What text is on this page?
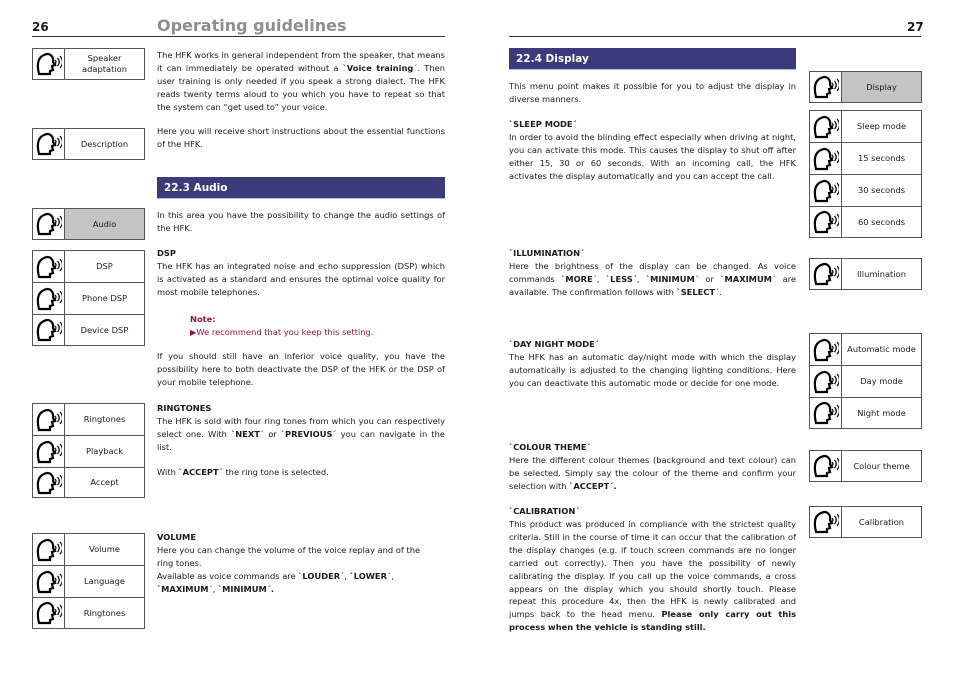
26	Operating guidelines	27
Speaker adaptation
Description
Audio
DSP
Phone DSP
Device DSP
Ringtones
Playback
Accept
Volume
Language
Ringtones
The HFK works in general independent from the speaker, that means it can immediately be operated without a `Voice training´. Then user training is only needed if you speak a strong dialect. The HFK reads twenty terms aloud to you which you have to repeat so that the system can “get used to” your voice.
Here you will receive short instructions about the essential functions of the HFK.
22.3 Audio
In this area you have the possibility to change the audio settings of the HFK.
DSP
The HFK has an integrated noise and echo suppression (DSP) which is activated as a standard and ensures the optimal voice quality for most mobile telephones.
Note:
▶We recommend that you keep this setting.
If you should still have an inferior voice quality, you have the possibility here to both deactivate the DSP of the HFK or the DSP of your mobile telephone.
RINGTONES
The HFK is sold with four ring tones from which you can respectively select one. With `NEXT´ or `PREVIOUS´ you can navigate in the list.
With `ACCEPT´ the ring tone is selected.
VOLUME
Here you can change the volume of the voice replay and of the ring tones.
Available as voice commands are `LOUDER´, `LOWER´,
`MAXIMUM´, `MINIMUM´.
22.4 Display
This menu point makes it possible for you to adjust the display in diverse manners.
`SLEEP MODE´
In order to avoid the blinding effect especially when driving at night, you can activate this mode. This causes the display to shut off after either 15, 30 or 60 seconds. With an incoming call, the HFK activates the display automatically and you can accept the call.
`ILLUMINATION´
Here the brightness of the display can be changed. As voice commands `MORE´, `LESS´, `MINIMUM´ or `MAXIMUM´ are available. The confirmation follows with `SELECT´.
`DAY NIGHT MODE´
The HFK has an automatic day/night mode with which the display automatically is adjusted to the changing lighting conditions. Here you can deactivate this automatic mode or decide for one mode.
`COLOUR THEME´
Here the different colour themes (background and text colour) can be selected. Simply say the colour of the theme and confirm your selection with `ACCEPT´.
`CALIBRATION´
This product was produced in compliance with the strictest quality criteria. Still in the course of time it can occur that the calibration of the display changes (e.g. if touch screen commands are no longer carried out correctly). Then you have the possibility of newly calibrating the display. If you call up the voice commands, a cross appears on the display which you should shortly touch. Please repeat this procedure 4x, then the HFK is newly calibrated and jumps back to the head menu. Please only carry out this process when the vehicle is standing still.
Display
Sleep mode
15 seconds
30 seconds
60 seconds
Illumination
Automatic mode
Day mode
Night mode
Colour theme
Calibration
